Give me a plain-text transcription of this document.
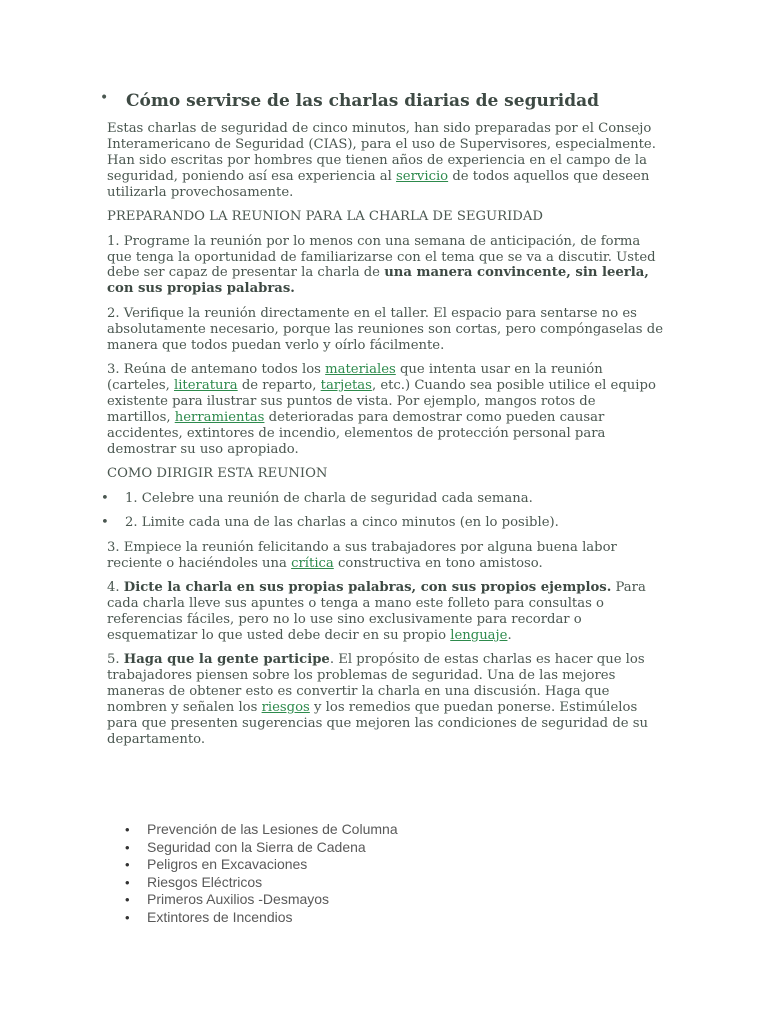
• Cómo servirse de las charlas diarias de seguridad

Estas charlas de seguridad de cinco minutos, han sido preparadas por el Consejo Interamericano de Seguridad (CIAS), para el uso de Supervisores, especialmente. Han sido escritas por hombres que tienen años de experiencia en el campo de la seguridad, poniendo así esa experiencia al servicio de todos aquellos que deseen utilizarla provechosamente.

PREPARANDO LA REUNION PARA LA CHARLA DE SEGURIDAD

1. Programe la reunión por lo menos con una semana de anticipación, de forma que tenga la oportunidad de familiarizarse con el tema que se va a discutir. Usted debe ser capaz de presentar la charla de una manera convincente, sin leerla, con sus propias palabras.

2. Verifique la reunión directamente en el taller. El espacio para sentarse no es absolutamente necesario, porque las reuniones son cortas, pero compóngaselas de manera que todos puedan verlo y oírlo fácilmente.

3. Reúna de antemano todos los materiales que intenta usar en la reunión (carteles, literatura de reparto, tarjetas, etc.) Cuando sea posible utilice el equipo existente para ilustrar sus puntos de vista. Por ejemplo, mangos rotos de martillos, herramientas deterioradas para demostrar como pueden causar accidentes, extintores de incendio, elementos de protección personal para demostrar su uso apropiado.

COMO DIRIGIR ESTA REUNION

• 1. Celebre una reunión de charla de seguridad cada semana.
• 2. Limite cada una de las charlas a cinco minutos (en lo posible).

3. Empiece la reunión felicitando a sus trabajadores por alguna buena labor reciente o haciéndoles una crítica constructiva en tono amistoso.

4. Dicte la charla en sus propias palabras, con sus propios ejemplos. Para cada charla lleve sus apuntes o tenga a mano este folleto para consultas o referencias fáciles, pero no lo use sino exclusivamente para recordar o esquematizar lo que usted debe decir en su propio lenguaje.

5. Haga que la gente participe. El propósito de estas charlas es hacer que los trabajadores piensen sobre los problemas de seguridad. Una de las mejores maneras de obtener esto es convertir la charla en una discusión. Haga que nombren y señalen los riesgos y los remedios que puedan ponerse. Estimúlelos para que presenten sugerencias que mejoren las condiciones de seguridad de su departamento.

• Prevención de las Lesiones de Columna
• Seguridad con la Sierra de Cadena
• Peligros en Excavaciones
• Riesgos Eléctricos
• Primeros Auxilios -Desmayos
• Extintores de Incendios
